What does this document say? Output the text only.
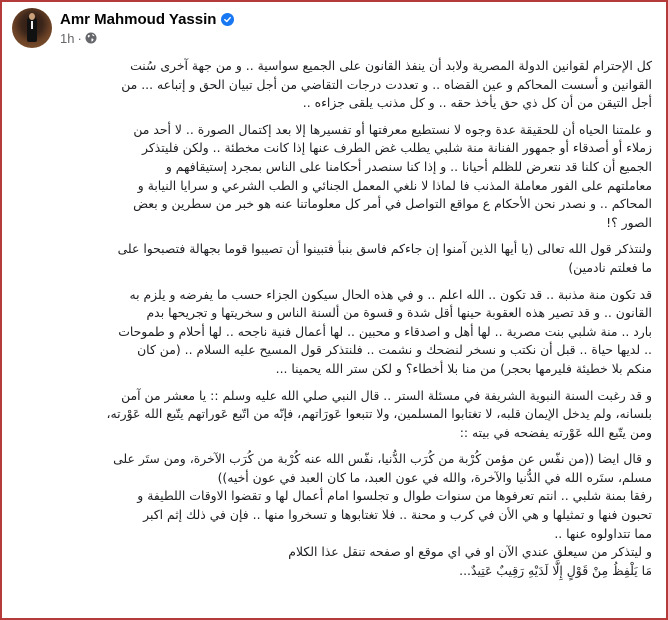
Amr Mahmoud Yassin
1h ·

كل الإحترام لقوانين الدولة المصرية ولابد أن ينفذ القانون على الجميع سواسية .. و من جهة آخرى سُنت
القوانين و أسست المحاكم و عين القضاه .. و تعددت درجات التقاضي من أجل تبيان الحق و إتباعه ... من
أجل التيقن من أن كل ذي حق يأخذ حقه .. و كل مذنب يلقى جزاءه ..

و علمتنا الحياه أن للحقيقة عدة وجوه لا نستطيع معرفتها أو تفسيرها إلا بعد إكتمال الصورة .. لا أحد من
زملاء أو أصدقاء أو جمهور الفنانة منة شلبي يطلب غض الطرف عنها إذا كانت مخطئة .. ولكن فليتذكر
الجميع أن كلنا قد نتعرض للظلم أحيانا .. و إذا كنا سنصدر أحكامنا على الناس بمجرد إستيقافهم و
معاملتهم على الفور معاملة المذنب فا لماذا لا نلغي المعمل الجنائي و الطب الشرعي و سرايا النيابة و
المحاكم .. و نصدر نحن الأحكام ع مواقع التواصل في أمر كل معلوماتنا عنه هو خبر من سطرين و بعض
الصور ؟!

ولنتذكر قول الله تعالى (يا أيها الذين آمنوا إن جاءكم فاسق بنبأ فتبينوا أن تصيبوا قوما بجهالة فتصبحوا على
ما فعلتم نادمين)

قد تكون منة مذنبة .. قد تكون .. الله اعلم .. و في هذه الحال سيكون الجزاء حسب ما يفرضه و يلزم به
القانون .. و قد تصير هذه العقوبة حينها أقل شدة و قسوة من ألسنة الناس و سخريتها و تجريحها بدم
بارد .. منة شلبي بنت مصرية .. لها أهل و اصدقاء و محبين .. لها أعمال فنية ناجحه .. لها أحلام و طموحات
.. لديها حياة .. قبل أن نكتب و نسخر لنضحك و نشمت .. فلنتذكر قول المسيح عليه السلام .. (من كان
منكم بلا خطيئة فليرمها بحجر) من منا بلا أخطاء؟ و لكن ستر الله يحمينا ...

و قد رغبت السنة النبوية الشريفة في مسئلة الستر .. قال النبي صلي الله عليه وسلم :: يا معشر من آمن
بلسانه، ولم يدخل الإيمان قلبه، لا تغتابوا المسلمين، ولا تتبعوا عَورَاتهم، فإنّه من اتّبع عَوراتهم يتّبع الله عَوْرته،
ومن يتّبع الله عَوْرته يفضحه في بيته ::

و قال ايضا ((من نفّس عن مؤمن كُرْبة من كُرَب الدُّنيا، نفّس الله عنه كُرْبة من كُرَب الآخرة، ومن ستَر على
مسلم، ستَره الله في الدُّنيا والآخرة، والله في عون العبد، ما كان العبد في عون أخيه))

رفقا بمنة شلبي .. انتم تعرفوها من سنوات طوال و تجلسوا امام أعمال لها و تقضوا الاوقات اللطيفة و
تحبون فنها و تمثيلها و هي الأن في كرب و محنة .. فلا تغتابوها و تسخروا منها .. فإن في ذلك إثم اكبر
مما تتداولوه عنها ..
و ليتذكر من سيعلق عندي الآن او في اي موقع او صفحه تنقل عذا الكلام
مَا يَلْفِظُ مِنْ قَوْلٍ إِلَّا لَدَيْهِ رَقِيبٌ عَتِيدٌ...
